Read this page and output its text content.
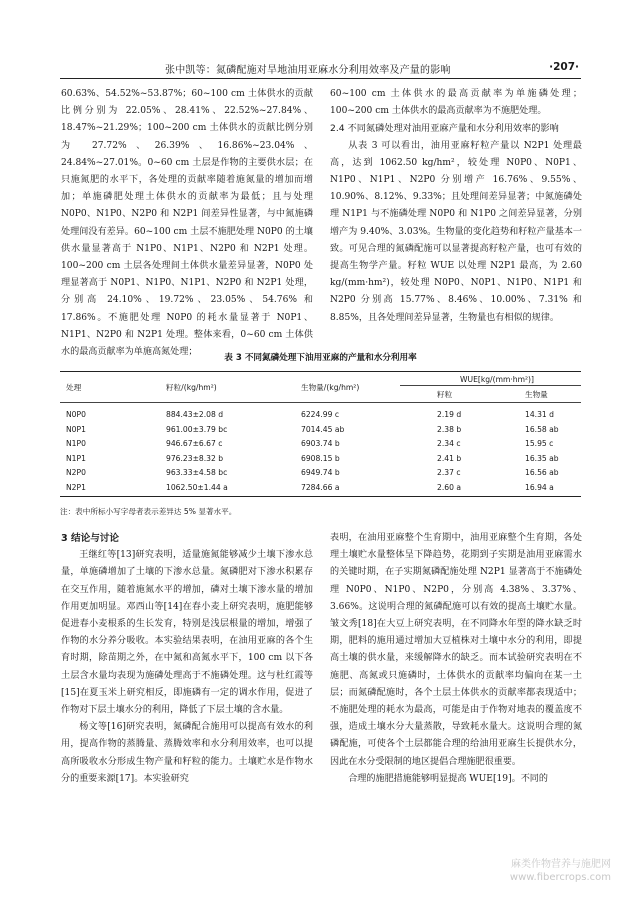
张中凯等：氮磷配施对旱地油用亚麻水分利用效率及产量的影响	·207·

60.63%、54.52%~53.87%；60~100 cm 土体供水的贡献比例分别为 22.05%、28.41%、22.52%~27.84%、18.47%~21.29%；100~200 cm 土体供水的贡献比例分别为 27.72%、26.39%、16.86%~23.04%、24.84%~27.01%。0~60 cm 土层是作物的主要供水层；在只施氮肥的水平下，各处理的贡献率随着施氮量的增加而增加；单施磷肥处理土体供水的贡献率为最低；且与处理 N0P0、N1P0、N2P0 和 N2P1 间差异性显著，与中氮施磷处理间没有差异。60~100 cm 土层不施肥处理 N0P0 的土壤供水量显著高于 N1P0、N1P1、N2P0 和 N2P1 处理。100~200 cm 土层各处理间土体供水量差异显著，N0P0 处理显著高于 N0P1、N1P0、N1P1、N2P0 和 N2P1 处理，分别高 24.10%、19.72%、23.05%、54.76% 和 17.86%。不施肥处理 N0P0 的耗水量显著于 N0P1、N1P1、N2P0 和 N2P1 处理。整体来看，0~60 cm 土体供水的最高贡献率为单施高氮处理；

60~100 cm 土体供水的最高贡献率为单施磷处理；100~200 cm 土体供水的最高贡献率为不施肥处理。

2.4 不同氮磷处理对油用亚麻产量和水分利用效率的影响

从表 3 可以看出，油用亚麻籽粒产量以 N2P1 处理最高，达到 1062.50 kg/hm²，较处理 N0P0、N0P1、N1P0、N1P1、N2P0 分别增产 16.76%、9.55%、10.90%、8.12%、9.33%；且处理间差异显著；中氮施磷处理 N1P1 与不施磷处理 N0P0 和 N1P0 之间差异显著，分别增产为 9.40%、3.03%。生物量的变化趋势和籽粒产量基本一致。可见合理的氮磷配施可以显著提高籽粒产量，也可有效的提高生物学产量。籽粒 WUE 以处理 N2P1 最高，为 2.60 kg/(mm·hm²)，较处理 N0P0、N0P1、N1P0、N1P1 和 N2P0 分别高 15.77%、8.46%、10.00%、7.31% 和 8.85%，且各处理间差异显著，生物量也有相似的规律。

表 3 不同氮磷处理下油用亚麻的产量和水分利用率
处理	籽粒/(kg/hm²)	生物量/(kg/hm²)
WUE[kg/(mm·hm²)]
籽粒	生物量
N0P0	884.43±2.08 d	6224.99 c	2.19 d	14.31 d
N0P1	961.00±3.79 bc	7014.45 ab	2.38 b	16.58 ab
N1P0	946.67±6.67 c	6903.74 b	2.34 c	15.95 c
N1P1	976.23±8.32 b	6908.15 b	2.41 b	16.35 ab
N2P0	963.33±4.58 bc	6949.74 b	2.37 c	16.56 ab
N2P1	1062.50±1.44 a	7284.66 a	2.60 a	16.94 a
注：表中所标小写字母者表示差异达 5% 显著水平。

3 结论与讨论

王继红等[13]研究表明，适量施氮能够减少土壤下渗水总量，单施磷增加了土壤的下渗水总量。氮磷肥对下渗水积累存在交互作用，随着施氮水平的增加，磷对土壤下渗水量的增加作用更加明显。邓西山等[14]在春小麦上研究表明，施肥能够促进春小麦根系的生长发育，特别是浅层根量的增加，增强了作物的水分养分吸收。本实验结果表明，在油用亚麻的各个生育时期，除苗期之外，在中氮和高氮水平下，100 cm 以下各土层含水量均表现为施磷处理高于不施磷处理。这与杜红霞等[15]在夏玉米上研究相反，即施磷有一定的调水作用，促进了作物对下层土壤水分的利用，降低了下层土壤的含水量。

杨文等[16]研究表明，氮磷配合施用可以提高有效水的利用，提高作物的蒸腾量、蒸腾效率和水分利用效率，也可以提高所吸收水分形成生物产量和籽粒的能力。土壤贮水是作物水分的重要来源[17]。本实验研究

表明，在油用亚麻整个生育期中，油用亚麻整个生育期，各处理土壤贮水量整体呈下降趋势，花期到子实期是油用亚麻需水的关键时期，在子实期氮磷配施处理 N2P1 显著高于不施磷处理 N0P0、N1P0、N2P0，分别高 4.38%、3.37%、3.66%。这说明合理的氮磷配施可以有效的提高土壤贮水量。皱文秀[18]在大豆上研究表明，在不同降水年型的降水缺乏时期，肥料的施用通过增加大豆植株对土壤中水分的利用，即提高土壤的供水量，来缓解降水的缺乏。而本试验研究表明在不施肥、高氮或只施磷时，土体供水的贡献率均偏向在某一土层；而氮磷配施时，各个土层土体供水的贡献率都表现适中；不施肥处理的耗水为最高，可能是由于作物对地表的覆盖度不强，造成土壤水分大量蒸散，导致耗水量大。这说明合理的氮磷配施，可使各个土层都能合理的给油用亚麻生长提供水分，因此在水分受限制的地区提倡合理施肥很重要。

合理的施肥措施能够明显提高 WUE[19]。不同的

麻类作物营养与施肥网
www.fibercrops.com
